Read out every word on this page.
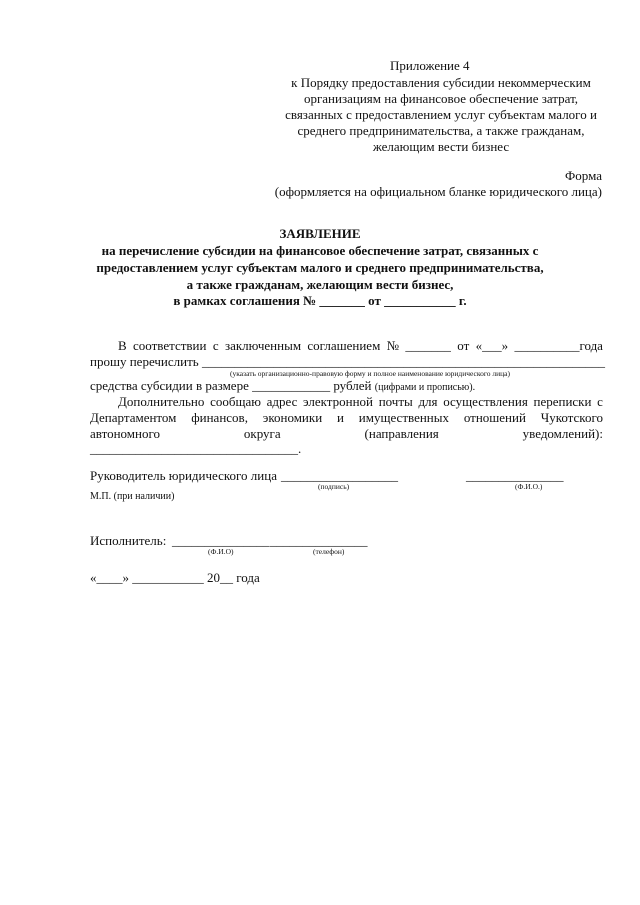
Приложение 4
к Порядку предоставления субсидии некоммерческим
организациям на финансовое обеспечение затрат,
связанных с предоставлением услуг субъектам малого и
среднего предпринимательства, а также гражданам,
желающим вести бизнес
Форма
(оформляется на официальном бланке юридического лица)
ЗАЯВЛЕНИЕ
на перечисление субсидии на финансовое обеспечение затрат, связанных с
предоставлением услуг субъектам малого и среднего предпринимательства,
а также гражданам, желающим вести бизнес,
в рамках соглашения № _______ от ___________ г.
В соответствии с заключенным соглашением № _______ от «___» __________года
прошу перечислить ______________________________________________________________
(указать организационно-правовую форму и полное наименование юридического лица)
средства субсидии в размере ____________ рублей (цифрами и прописью).
Дополнительно сообщаю адрес электронной почты для осуществления переписки с
Департаментом финансов, экономики и имущественных отношений Чукотского
автономного	округа	(направления	уведомлений):
________________________________.
Руководитель юридического лица __________________
(подпись)
_______________
(Ф.И.О.)
М.П. (при наличии)
Исполнитель: _______________
(Ф.И.О)
_______________
(телефон)
«____» ___________ 20__ года
